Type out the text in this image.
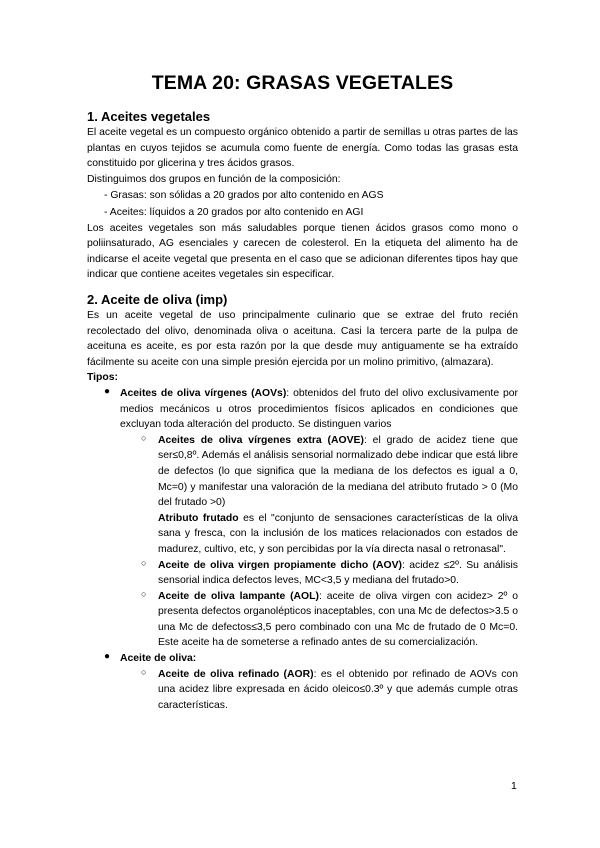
TEMA 20: GRASAS VEGETALES
1. Aceites vegetales

El aceite vegetal es un compuesto orgánico obtenido a partir de semillas u otras partes de las plantas en cuyos tejidos se acumula como fuente de energía. Como todas las grasas esta constituido por glicerina y tres ácidos grasos.

Distinguimos dos grupos en función de la composición:

- Grasas: son sólidas a 20 grados por alto contenido en AGS

- Aceites: líquidos a 20 grados por alto contenido en AGI

Los aceites vegetales son más saludables porque tienen ácidos grasos como mono o poliinsaturado, AG esenciales y carecen de colesterol. En la etiqueta del alimento ha de indicarse el aceite vegetal que presenta en el caso que se adicionan diferentes tipos hay que indicar que contiene aceites vegetales sin especificar.

2. Aceite de oliva (imp)

Es un aceite vegetal de uso principalmente culinario que se extrae del fruto recién recolectado del olivo, denominada oliva o aceituna. Casi la tercera parte de la pulpa de aceituna es aceite, es por esta razón por la que desde muy antiguamente se ha extraído fácilmente su aceite con una simple presión ejercida por un molino primitivo, (almazara).

Tipos:

● Aceites de oliva vírgenes (AOVs): obtenidos del fruto del olivo exclusivamente por medios mecánicos u otros procedimientos físicos aplicados en condiciones que excluyan toda alteración del producto. Se distinguen varios

○ Aceites de oliva vírgenes extra (AOVE): el grado de acidez tiene que ser≤0,8º. Además el análisis sensorial normalizado debe indicar que está libre de defectos (lo que significa que la mediana de los defectos es igual a 0, Mc=0) y manifestar una valoración de la mediana del atributo frutado > 0 (Mo del frutado >0)

Atributo frutado es el "conjunto de sensaciones características de la oliva sana y fresca, con la inclusión de los matices relacionados con estados de madurez, cultivo, etc, y son percibidas por la vía directa nasal o retronasal".

○ Aceite de oliva virgen propiamente dicho (AOV): acidez ≤2º. Su análisis sensorial indica defectos leves, MC<3,5 y mediana del frutado>0.

○ Aceite de oliva lampante (AOL): aceite de oliva virgen con acidez> 2º o presenta defectos organolépticos inaceptables, con una Mc de defectos>3.5 o una Mc de defectos≤3,5 pero combinado con una Mc de frutado de 0 Mc=0. Este aceite ha de someterse a refinado antes de su comercialización.

● Aceite de oliva:

○ Aceite de oliva refinado (AOR): es el obtenido por refinado de AOVs con una acidez libre expresada en ácido oleico≤0.3º y que además cumple otras características.

1
